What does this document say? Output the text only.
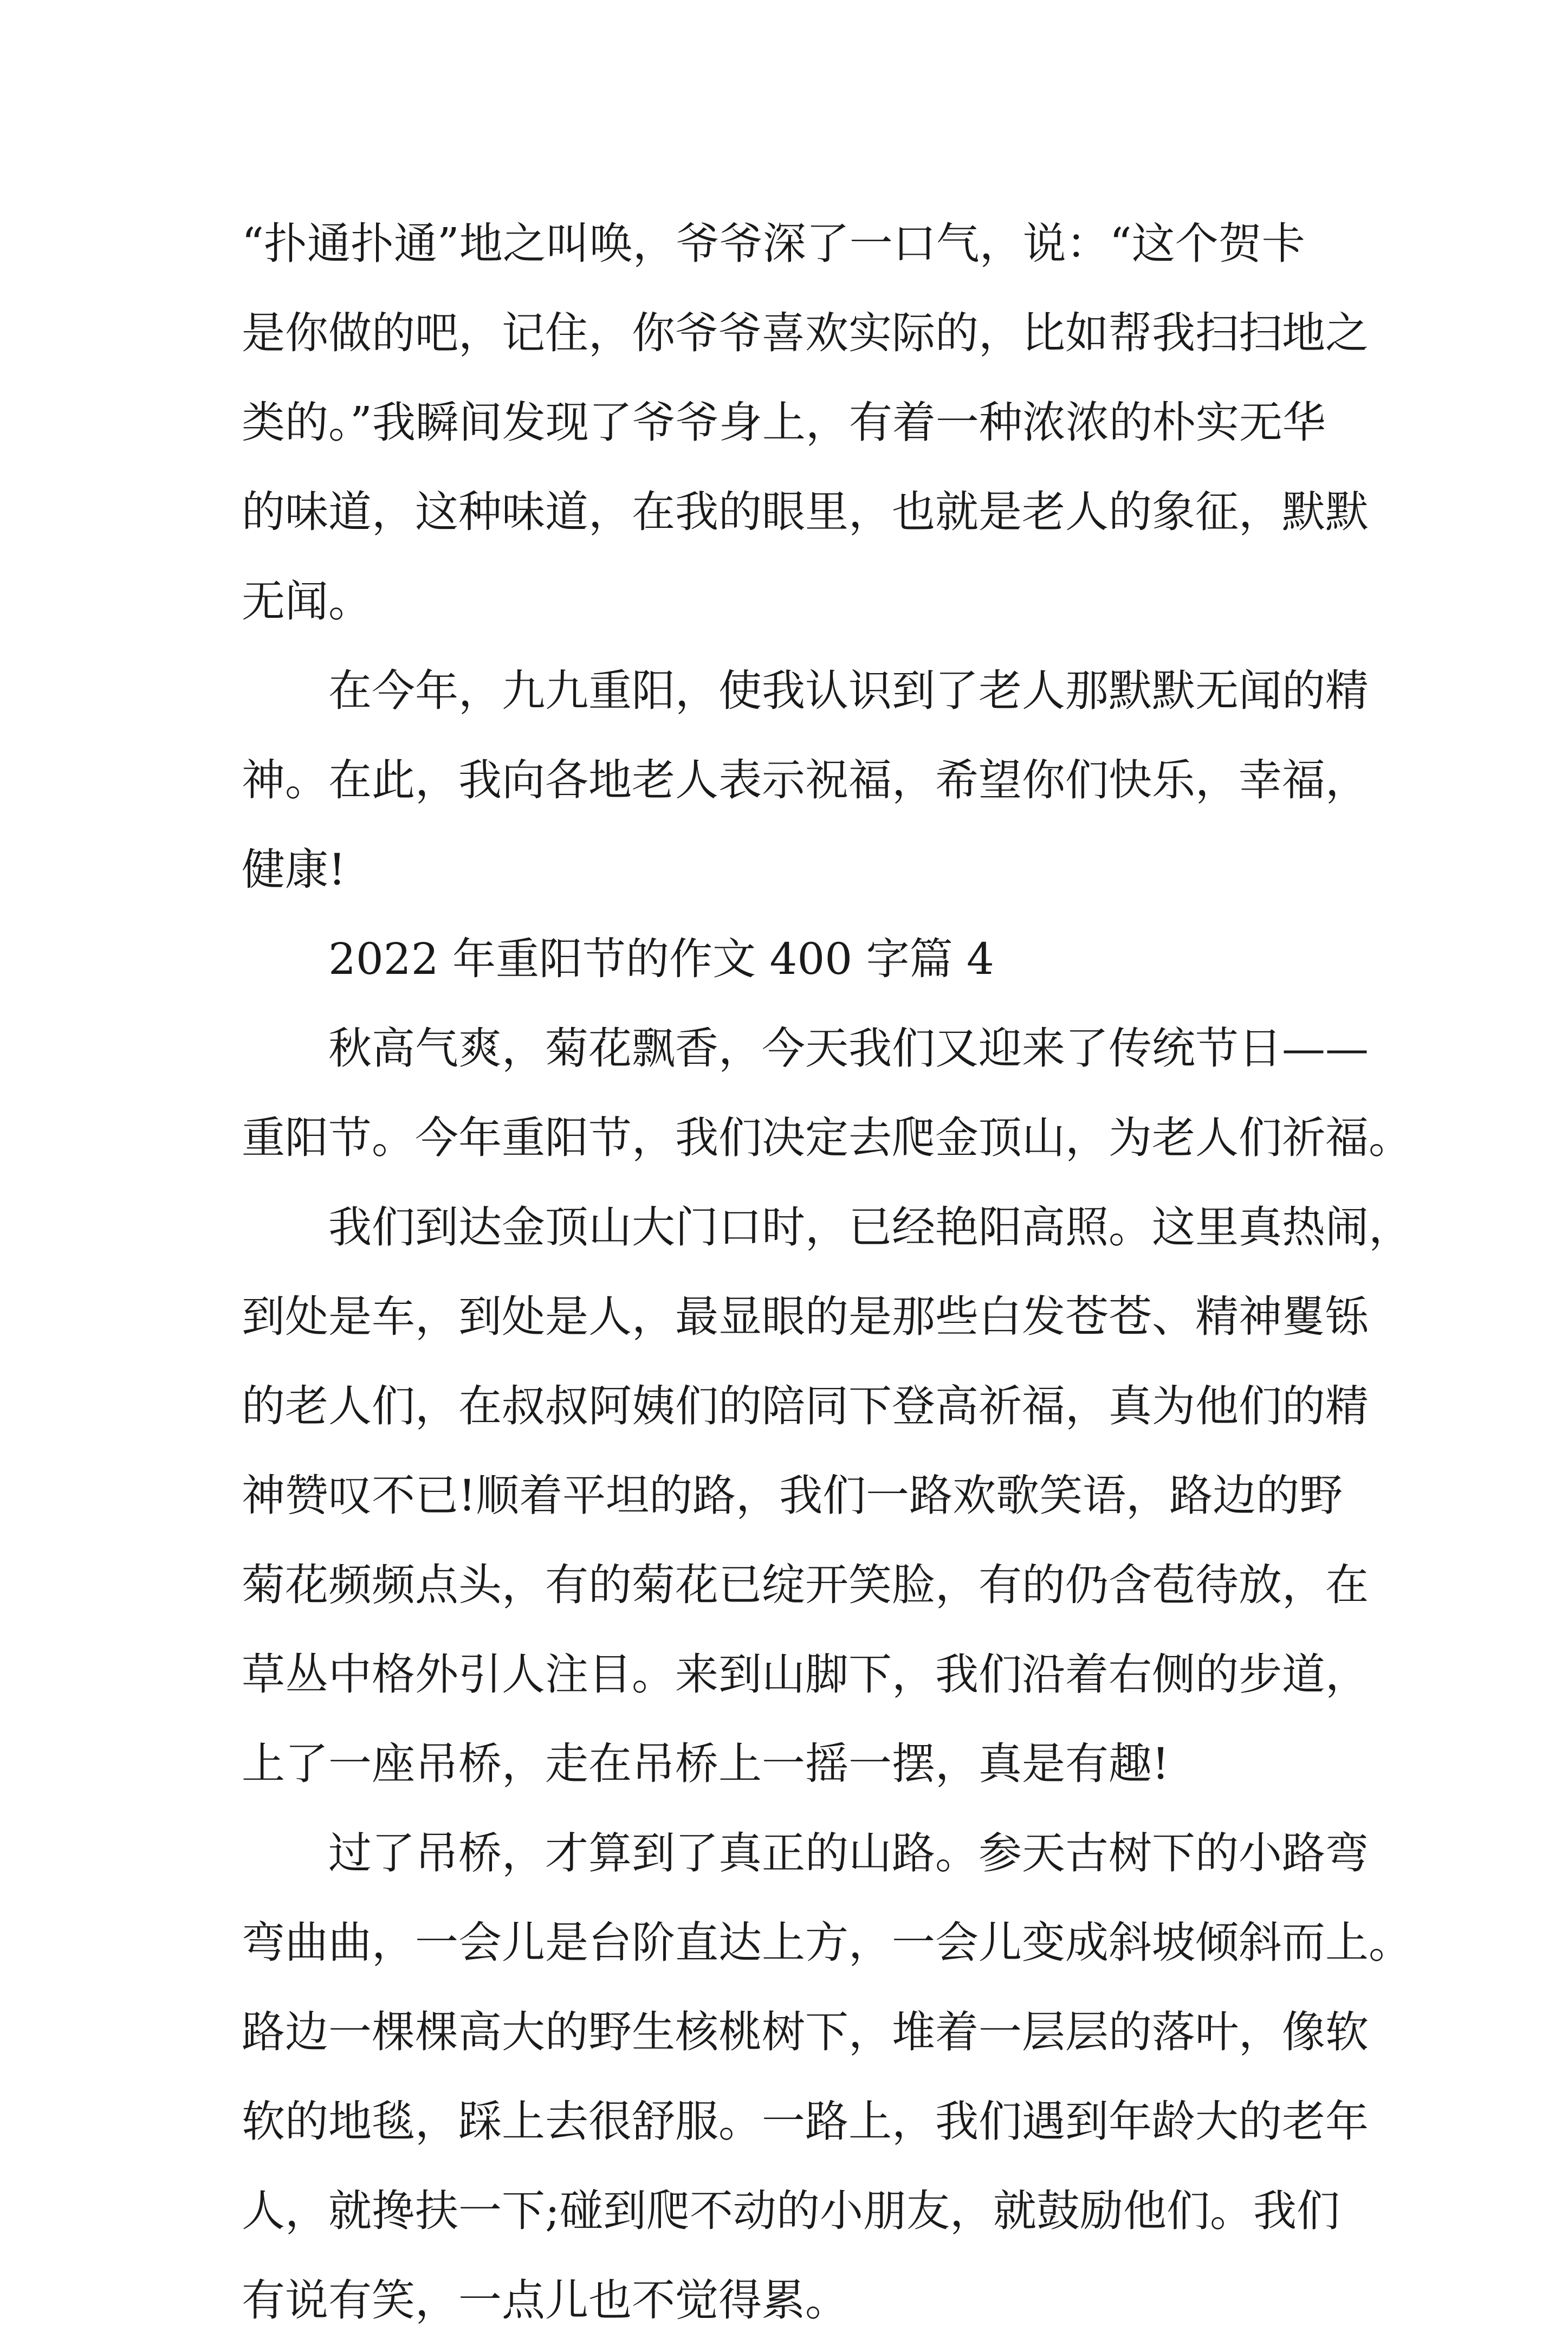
“扑通扑通”地之叫唤，爷爷深了一口气，说：“这个贺卡
是你做的吧，记住，你爷爷喜欢实际的，比如帮我扫扫地之
类的。”我瞬间发现了爷爷身上，有着一种浓浓的朴实无华
的味道，这种味道，在我的眼里，也就是老人的象征，默默
无闻。

在今年，九九重阳，使我认识到了老人那默默无闻的精
神。在此，我向各地老人表示祝福，希望你们快乐，幸福，
健康!

2022 年重阳节的作文 400 字篇 4

秋高气爽，菊花飘香，今天我们又迎来了传统节日——
重阳节。今年重阳节，我们决定去爬金顶山，为老人们祈福。

我们到达金顶山大门口时，已经艳阳高照。这里真热闹，
到处是车，到处是人，最显眼的是那些白发苍苍、精神矍铄
的老人们，在叔叔阿姨们的陪同下登高祈福，真为他们的精
神赞叹不已!顺着平坦的路，我们一路欢歌笑语，路边的野
菊花频频点头，有的菊花已绽开笑脸，有的仍含苞待放，在
草丛中格外引人注目。来到山脚下，我们沿着右侧的步道，
上了一座吊桥，走在吊桥上一摇一摆，真是有趣!

过了吊桥，才算到了真正的山路。参天古树下的小路弯
弯曲曲，一会儿是台阶直达上方，一会儿变成斜坡倾斜而上。
路边一棵棵高大的野生核桃树下，堆着一层层的落叶，像软
软的地毯，踩上去很舒服。一路上，我们遇到年龄大的老年
人，就搀扶一下;碰到爬不动的小朋友，就鼓励他们。我们
有说有笑，一点儿也不觉得累。
